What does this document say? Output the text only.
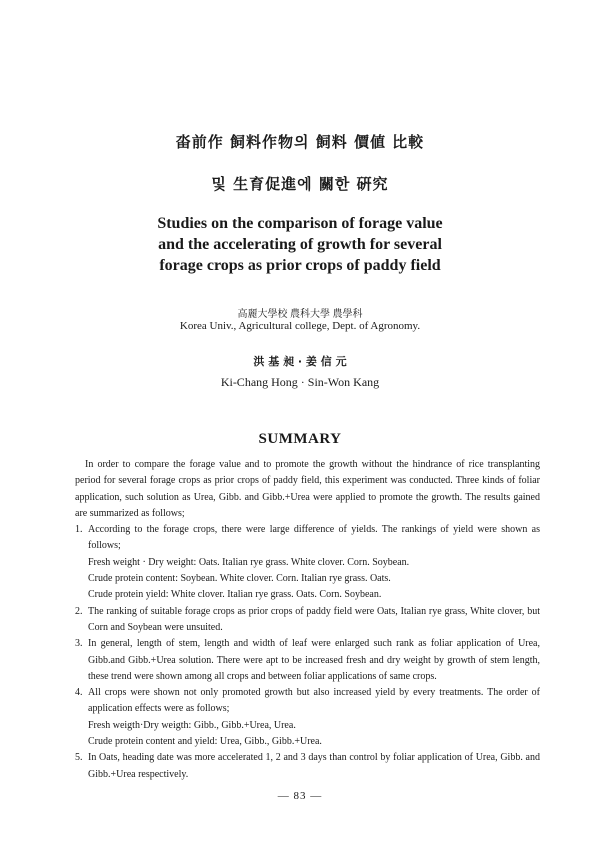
畓前作 飼料作物의 飼料 價値 比較
및 生育促進에 關한 硏究
Studies on the comparison of forage value
and the accelerating of growth for several
forage crops as prior crops of paddy field
高麗大學校 農科大學 農學科
Korea Univ., Agricultural college, Dept. of Agronomy.
洪 基 昶 · 姜 信 元
Ki-Chang Hong · Sin-Won Kang
SUMMARY

In order to compare the forage value and to promote the growth without the hindrance of rice transplanting period for several forage crops as prior crops of paddy field, this experiment was conducted. Three kinds of foliar application, such solution as Urea, Gibb. and Gibb.+Urea were applied to promote the growth. The results gained are summarized as follows;

1. According to the forage crops, there were large difference of yields. The rankings of yield were shown as follows;

Fresh weight · Dry weight: Oats. Italian rye grass. White clover. Corn. Soybean.

Crude protein content: Soybean. White clover. Corn. Italian rye grass. Oats.

Crude protein yield: White clover. Italian rye grass. Oats. Corn. Soybean.

2. The ranking of suitable forage crops as prior crops of paddy field were Oats, Italian rye grass, White clover, but Corn and Soybean were unsuited.
3. In general, length of stem, length and width of leaf were enlarged such rank as foliar application of Urea, Gibb.and Gibb.+Urea solution. There were apt to be increased fresh and dry weight by growth of stem length, these trend were shown among all crops and between foliar applications of same crops.
4. All crops were shown not only promoted growth but also increased yield by every treatments. The order of application effects were as follows;

Fresh weigth·Dry weigth: Gibb., Gibb.+Urea, Urea.

Crude protein content and yield: Urea, Gibb., Gibb.+Urea.

5. In Oats, heading date was more accelerated 1, 2 and 3 days than control by foliar application of Urea, Gibb. and Gibb.+Urea respectively.
— 83 —
